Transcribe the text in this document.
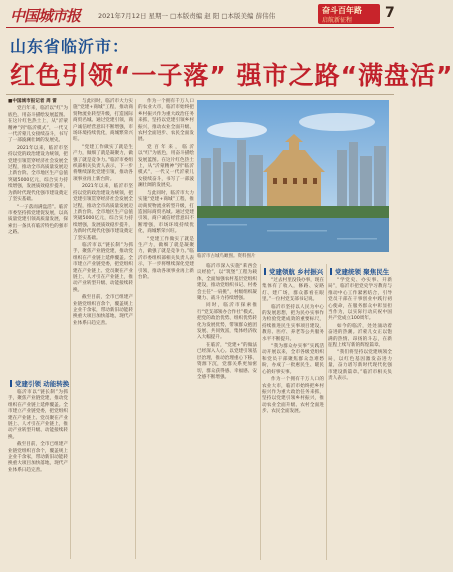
中国城市报	2021年7月12日 星期一 □本版责编 赵 阳 □本版美编 薛伟伟
奋斗百年路
启航新征程 7
山东省临沂市：
红色引领“一子落” 强市之路“满盘活”

■中国城市报记者 周 雷

党百年来，临沂以“红”为底色，用奋斗描绘发展蓝图。在这片红色热土上，从“沂蒙精神”到“临沂模式”，一代又一代沂蒙儿女接续奋斗，书写了一部波澜壮阔的发展史。

2021年以来，临沂市坚持以党的政治建设为统领，把党建引领贯穿经济社会发展全过程，推动全市高质量发展迈上新台阶。全市地区生产总值突破5000亿元，综合实力持续增强，发展质效稳步提升，为新时代现代化强市建设奠定了坚实基础。

“一子落而满盘活”。临沂市委坚持抓党建促发展，以高质量党建引领高质量发展，探索出一条具有临沂特色的强市之路。

党建引领 动能转换

临沂市以“链长制”为抓手，聚焦产业链党建，推动党组织在产业链上延伸覆盖。全市建立产业链党委，把党组织建在产业链上、党员聚在产业链上、人才引在产业链上，推动产业转型升级、动能接续转换。

截至目前，全市已组建产业链党组织百余个，覆盖规上企业千余家，带动新旧动能转换重大项目加快落地，现代产业体系日趋完善。

与此同时，临沂市大力实施“党建+商城”工程，推动商贸物流业转型升级，打造国际商贸名城。通过党建引领，商户诚信经营意识不断增强，市场环境持续优化，商城繁荣兴旺。

“党建工作做实了就是生产力，做细了就是凝聚力，做强了就是竞争力。”临沂市委组织部相关负责人表示，下一步将继续深化党建引领，推动各项事业再上新台阶。

2021年以来，临沂市坚持以党的政治建设为统领，把党建引领贯穿经济社会发展全过程，推动全市高质量发展迈上新台阶。全市地区生产总值突破5000亿元，综合实力持续增强，发展质效稳步提升，为新时代现代化强市建设奠定了坚实基础。

临沂市以“链长制”为抓手，聚焦产业链党建，推动党组织在产业链上延伸覆盖。全市建立产业链党委，把党组织建在产业链上、党员聚在产业链上、人才引在产业链上，推动产业转型升级、动能接续转换。

截至目前，全市已组建产业链党组织百余个，覆盖规上企业千余家，带动新旧动能转换重大项目加快落地，现代产业体系日趋完善。

作为一个拥有千万人口的农业大市，临沂市始终把乡村振兴作为重大政治任务来抓，坚持以党建引领乡村振兴，推动农业全面升级、农村全面进步、农民全面发展。

党百年来，临沂以“红”为底色，用奋斗描绘发展蓝图。在这片红色热土上，从“沂蒙精神”到“临沂模式”，一代又一代沂蒙儿女接续奋斗，书写了一部波澜壮阔的发展史。

与此同时，临沂市大力实施“党建+商城”工程，推动商贸物流业转型升级，打造国际商贸名城。通过党建引领，商户诚信经营意识不断增强，市场环境持续优化，商城繁荣兴旺。

“党建工作做实了就是生产力，做细了就是凝聚力，做强了就是竞争力。”临沂市委组织部相关负责人表示，下一步将继续深化党建引领，推动各项事业再上新台阶。

临沂市古城鸟瞰图。资料图片

临沂市深入实施“莱西会议经验”，以“筑堡”工程为载体，全面加强农村基层党组织建设，推动党组织书记、村委会主任“一肩挑”，村级组织凝聚力、战斗力持续增强。

同时，临沂市探索推行“党支部领办合作社”模式，把党的政治优势、组织优势转化为发展优势，带领群众抱团发展、共同致富，集体经济收入大幅提升。

在临沂，“党建+”的做法已经深入人心。以党建引领基层治理，推动治理重心下移、资源下沉，党群关系更加密切，群众获得感、幸福感、安全感不断增强。

党建领航 乡村振兴

“过去村里没钱办事，现在集体有了收入，修路、安路灯、建广场，群众都看在眼里。”一位村党支部书记说。

临沂市坚持以人民为中心的发展思想，把为民办实事作为检验党建成效的重要标尺，持续推进民生实事项目建设，教育、医疗、养老等公共服务水平不断提升。

“我为群众办实事”实践活动开展以来，全市各级党组织和党员干部聚焦群众急难愁盼，办成了一批惠民生、暖民心的好事实事。

作为一个拥有千万人口的农业大市，临沂市始终把乡村振兴作为重大政治任务来抓，坚持以党建引领乡村振兴，推动农业全面升级、农村全面进步、农民全面发展。

党建统领 聚焦民生

“学党史、办实事、开新局”，临沂市把党史学习教育与推动中心工作紧密结合，引导党员干部在干事创业中践行初心使命，在服务群众中彰显担当作为，以实际行动庆祝中国共产党成立100周年。

如今的临沂，处处涌动着奋进的热潮。沂蒙儿女正以饱满的热情、昂扬的斗志，在新征程上续写新的辉煌篇章。

“我们将坚持以党建统领全局，以红色基因激发奋进力量，奋力谱写新时代现代化强市建设新篇章。”临沂市相关负责人表示。
